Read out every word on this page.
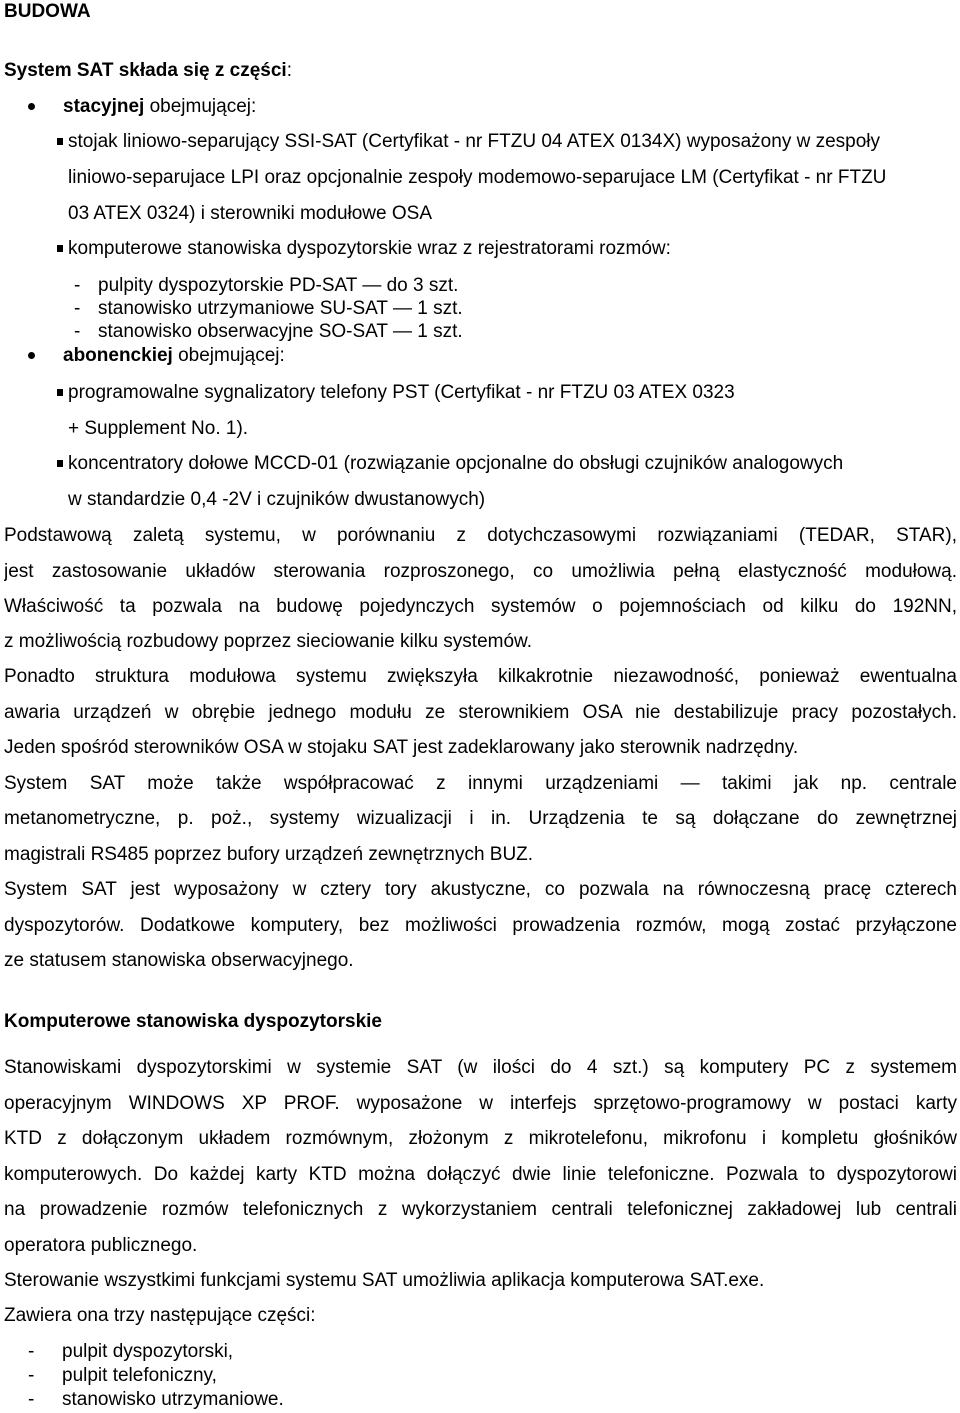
BUDOWA
System SAT składa się z części:
stacyjnej obejmującej:
stojak liniowo-separujący SSI-SAT (Certyfikat - nr FTZU 04 ATEX 0134X) wyposażony w zespoły
liniowo-separujace LPI oraz opcjonalnie zespoły modemowo-separujace LM (Certyfikat - nr FTZU
03 ATEX 0324) i sterowniki modułowe OSA
komputerowe stanowiska dyspozytorskie wraz z rejestratorami rozmów:
- pulpity dyspozytorskie PD-SAT — do 3 szt.
- stanowisko utrzymaniowe SU-SAT — 1 szt.
- stanowisko obserwacyjne SO-SAT — 1 szt.
abonenckiej obejmującej:
programowalne sygnalizatory telefony PST (Certyfikat - nr FTZU 03 ATEX 0323
+ Supplement No. 1).
koncentratory dołowe MCCD-01 (rozwiązanie opcjonalne do obsługi czujników analogowych
w standardzie 0,4 -2V i czujników dwustanowych)
Podstawową zaletą systemu, w porównaniu z dotychczasowymi rozwiązaniami (TEDAR, STAR),
jest zastosowanie układów sterowania rozproszonego, co umożliwia pełną elastyczność modułową.
Właściwość ta pozwala na budowę pojedynczych systemów o pojemnościach od kilku do 192NN,
z możliwością rozbudowy poprzez sieciowanie kilku systemów.
Ponadto struktura modułowa systemu zwiększyła kilkakrotnie niezawodność, ponieważ ewentualna
awaria urządzeń w obrębie jednego modułu ze sterownikiem OSA nie destabilizuje pracy pozostałych.
Jeden spośród sterowników OSA w stojaku SAT jest zadeklarowany jako sterownik nadrzędny.
System SAT może także współpracować z innymi urządzeniami — takimi jak np. centrale
metanometryczne, p. poż., systemy wizualizacji i in. Urządzenia te są dołączane do zewnętrznej
magistrali RS485 poprzez bufory urządzeń zewnętrznych BUZ.
System SAT jest wyposażony w cztery tory akustyczne, co pozwala na równoczesną pracę czterech
dyspozytorów. Dodatkowe komputery, bez możliwości prowadzenia rozmów, mogą zostać przyłączone
ze statusem stanowiska obserwacyjnego.
Komputerowe stanowiska dyspozytorskie
Stanowiskami dyspozytorskimi w systemie SAT (w ilości do 4 szt.) są komputery PC z systemem
operacyjnym WINDOWS XP PROF. wyposażone w interfejs sprzętowo-programowy w postaci karty
KTD z dołączonym układem rozmównym, złożonym z mikrotelefonu, mikrofonu i kompletu głośników
komputerowych. Do każdej karty KTD można dołączyć dwie linie telefoniczne. Pozwala to dyspozytorowi
na prowadzenie rozmów telefonicznych z wykorzystaniem centrali telefonicznej zakładowej lub centrali
operatora publicznego.
Sterowanie wszystkimi funkcjami systemu SAT umożliwia aplikacja komputerowa SAT.exe.
Zawiera ona trzy następujące części:
- pulpit dyspozytorski,
- pulpit telefoniczny,
- stanowisko utrzymaniowe.
